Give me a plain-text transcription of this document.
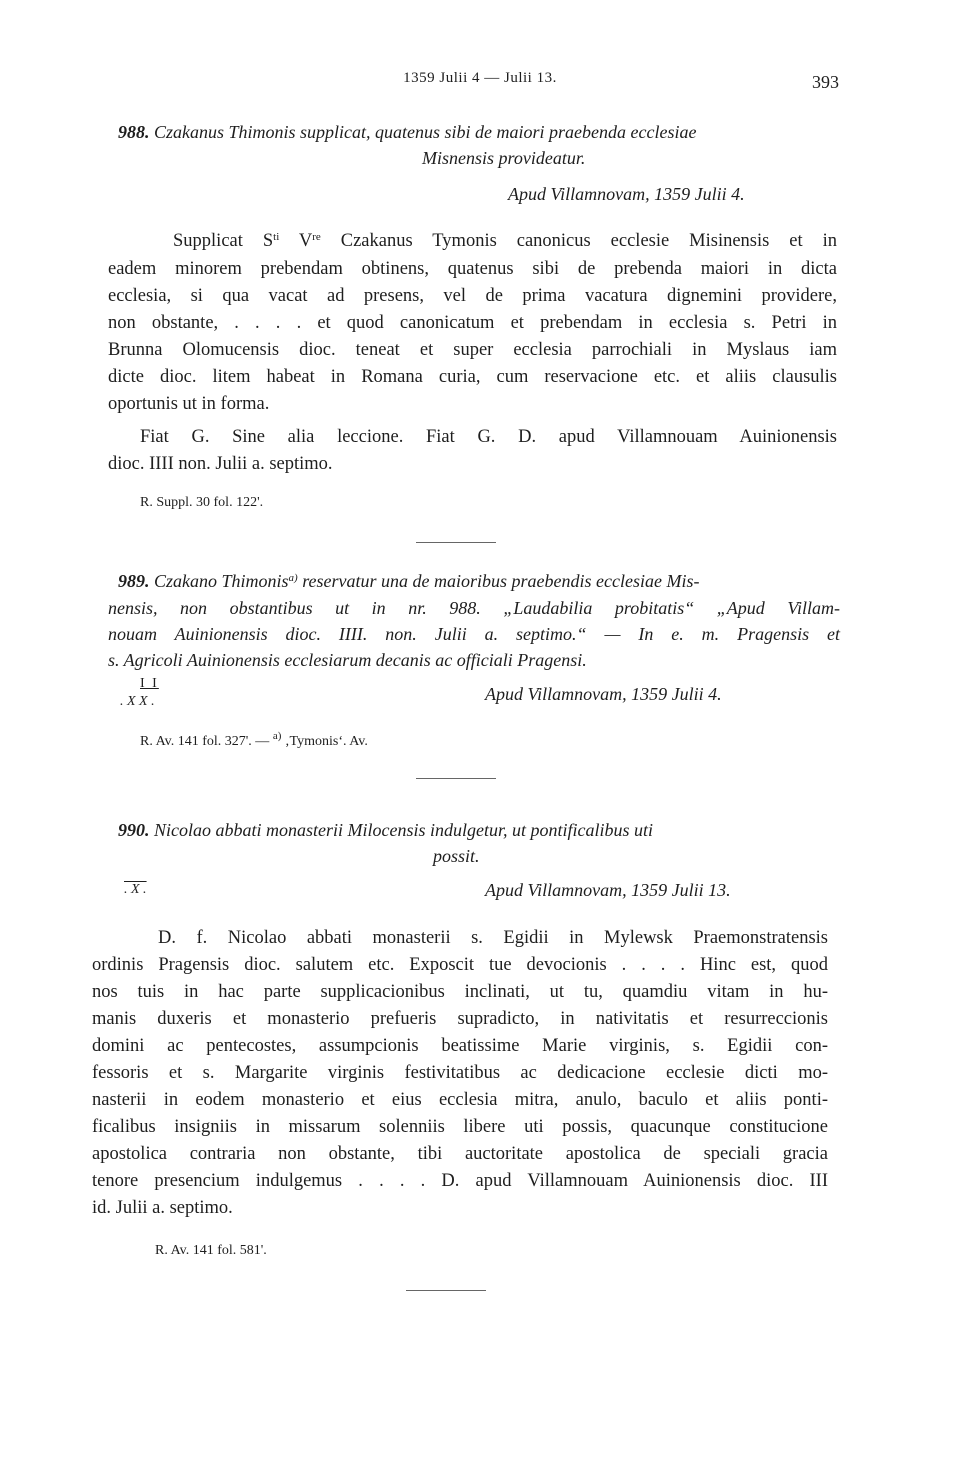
1359 Julii 4 — Julii 13.	393
988. Czakanus Thimonis supplicat, quatenus sibi de maiori praebenda ecclesiae
Misnensis provideatur.
Apud Villamnovam, 1359 Julii 4.
Supplicat $S^{ti}$ Vre Czakanus Tymonis canonicus ecclesie Misinensis et in
eadem minorem prebendam obtinens, quatenus sibi de prebenda maiori in dicta
ecclesia, si qua vacat ad presens, vel de prima vacatura dignemini providere,
non obstante, . . . . et quod canonicatum et prebendam in ecclesia s. Petri in
Brunna Olomucensis dioc. teneat et super ecclesia parrochiali in Myslaus iam
dicte dioc. litem habeat in Romana curia, cum reservacione etc. et aliis clausulis
oportunis ut in forma.
Fiat G. Sine alia leccione. Fiat G. D. apud Villamnouam Auinionensis
dioc. IIII non. Julii a. septimo.
R. Suppl. 30 fol. 122'.
989. Czakano Thimonis$^{a)}$ reservatur una de maioribus praebendis ecclesiae Mis-
nensis, non obstantibus ut in nr. 988. „Laudabilia probitatis“ „Apud Villam-
nouam Auinionensis dioc. IIII. non. Julii a. septimo.“ — In e. m. Pragensis et
s. Agricoli Auinionensis ecclesiarum decanis ac officiali Pragensi.
I I
. X X .	Apud Villamnovam, 1359 Julii 4.
R. Av. 141 fol. 327'. — $^{a)}$ ‚Tymonis‘. Av.
990. Nicolao abbati monasterii Milocensis indulgetur, ut pontificalibus uti
possit.
. X .	Apud Villamnovam, 1359 Julii 13.
D. f. Nicolao abbati monasterii s. Egidii in Mylewsk Praemonstratensis
ordinis Pragensis dioc. salutem etc. Exposcit tue devocionis . . . . Hinc est, quod
nos tuis in hac parte supplicacionibus inclinati, ut tu, quamdiu vitam in hu-
manis duxeris et monasterio prefueris supradicto, in nativitatis et resurreccionis
domini ac pentecostes, assumpcionis beatissime Marie virginis, s. Egidii con-
fessoris et s. Margarite virginis festivitatibus ac dedicacione ecclesie dicti mo-
nasterii in eodem monasterio et eius ecclesia mitra, anulo, baculo et aliis ponti-
ficalibus insigniis in missarum solenniis libere uti possis, quacunque constitucione
apostolica contraria non obstante, tibi auctoritate apostolica de speciali gracia
tenore presencium indulgemus . . . . D. apud Villamnouam Auinionensis dioc. III
id. Julii a. septimo.
R. Av. 141 fol. 581'.
